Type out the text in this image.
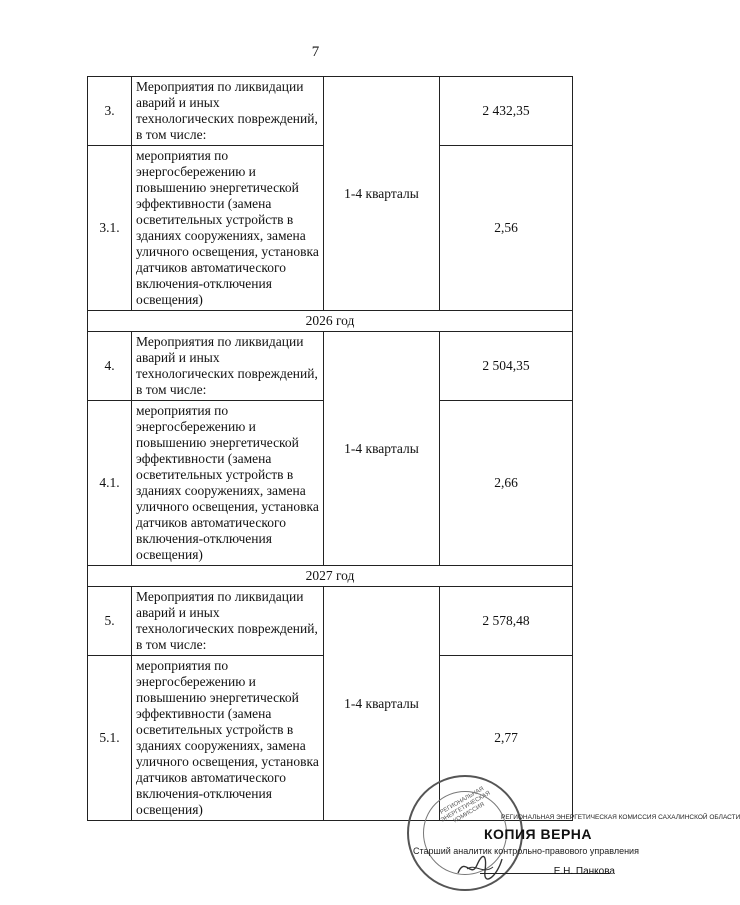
7
3.	Мероприятия по ликвидации аварий и иных технологических повреждений, в том числе:	1-4 кварталы	2 432,35
3.1.	мероприятия по энергосбережению и повышению энергетической эффективности (замена осветительных устройств в зданиях сооружениях, замена уличного освещения, установка датчиков автоматического включения-отключения освещения)		2,56
2026 год			
4.	Мероприятия по ликвидации аварий и иных технологических повреждений, в том числе:	1-4 кварталы	2 504,35
4.1.	мероприятия по энергосбережению и повышению энергетической эффективности (замена осветительных устройств в зданиях сооружениях, замена уличного освещения, установка датчиков автоматического включения-отключения освещения)		2,66
2027 год			
5.	Мероприятия по ликвидации аварий и иных технологических повреждений, в том числе:	1-4 кварталы	2 578,48
5.1.	мероприятия по энергосбережению и повышению энергетической эффективности (замена осветительных устройств в зданиях сооружениях, замена уличного освещения, установка датчиков автоматического включения-отключения освещения)		2,77
РЕГИОНАЛЬНАЯ ЭНЕРГЕТИЧЕСКАЯ КОМИССИЯ	РЕГИОНАЛЬНАЯ ЭНЕРГЕТИЧЕСКАЯ КОМИССИЯ САХАЛИНСКОЙ ОБЛАСТИ
КОПИЯ ВЕРНА
Старший аналитик контрольно-правового управления
Е.Н. Панкова
